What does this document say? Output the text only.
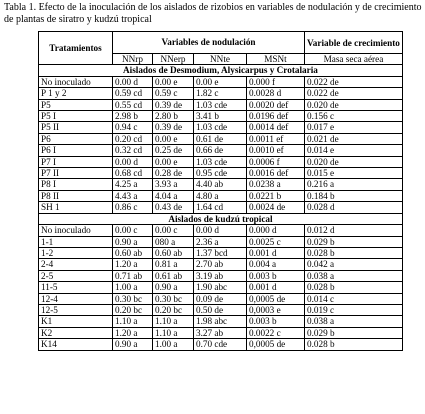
Tabla 1. Efecto de la inoculación de los aislados de rizobios en variables de nodulación y de crecimiento de plantas de siratro y kudzú tropical
Tratamientos	Variables de nodulación				Variable de crecimiento
	NNrp	NNerp	NNte	MSNt	Masa seca aérea
Aislados de Desmodium, Alysicarpus y Crotalaria					
No inoculado	0.00 d	0.00 e	0.00 e	0.000 f	0.022 de
P 1 y 2	0.59 cd	0.59 c	1.82 c	0.0028 d	0.022 de
P5	0.55 cd	0.39 de	1.03 cde	0.0020 def	0.020 de
P5 I	2.98 b	2.80 b	3.41 b	0.0196 def	0.156 c
P5 II	0.94 c	0.39 de	1.03 cde	0.0014 def	0.017 e
P6	0.20 cd	0.00 e	0.61 de	0.0011 ef	0.021 de
P6 I	0.32 cd	0.25 de	0.66 de	0.0010 ef	0.014 e
P7 I	0.00 d	0.00 e	1.03 cde	0.0006 f	0.020 de
P7 II	0.68 cd	0.28 de	0.95 cde	0.0016 def	0.015 e
P8 I	4.25 a	3.93 a	4.40 ab	0.0238 a	0.216 a
P8 II	4.43 a	4.04 a	4.80 a	0.0221 b	0.184 b
SH 1	0.86 c	0.43 de	1.64 cd	0.0024 de	0.028 d
Aislados de kudzú tropical					
No inoculado	0.00 c	0.00 c	0.00 d	0.000 d	0.012 d
1-1	0.90 a	080 a	2.36 a	0.0025 c	0.029 b
1-2	0.60 ab	0.60 ab	1.37 bcd	0.001 d	0.028 b
2-4	1.20 a	0.81 a	2.70 ab	0.004 a	0.042 a
2-5	0.71 ab	0.61 ab	3.19 ab	0.003 b	0.038 a
11-5	1.00 a	0.90 a	1.90 abc	0.001 d	0.028 b
12-4	0.30 bc	0.30 bc	0.09 de	0,0005 de	0.014 c
12-5	0.20 bc	0.20 bc	0.50 de	0,0003 e	0.019 c
K1	1.10 a	1.10 a	1.98 abc	0.003 b	0.038 a
K2	1.20 a	1.10 a	3.27 ab	0.0022 c	0.029 b
K14	0.90 a	1.00 a	0.70 cde	0,0005 de	0.028 b
